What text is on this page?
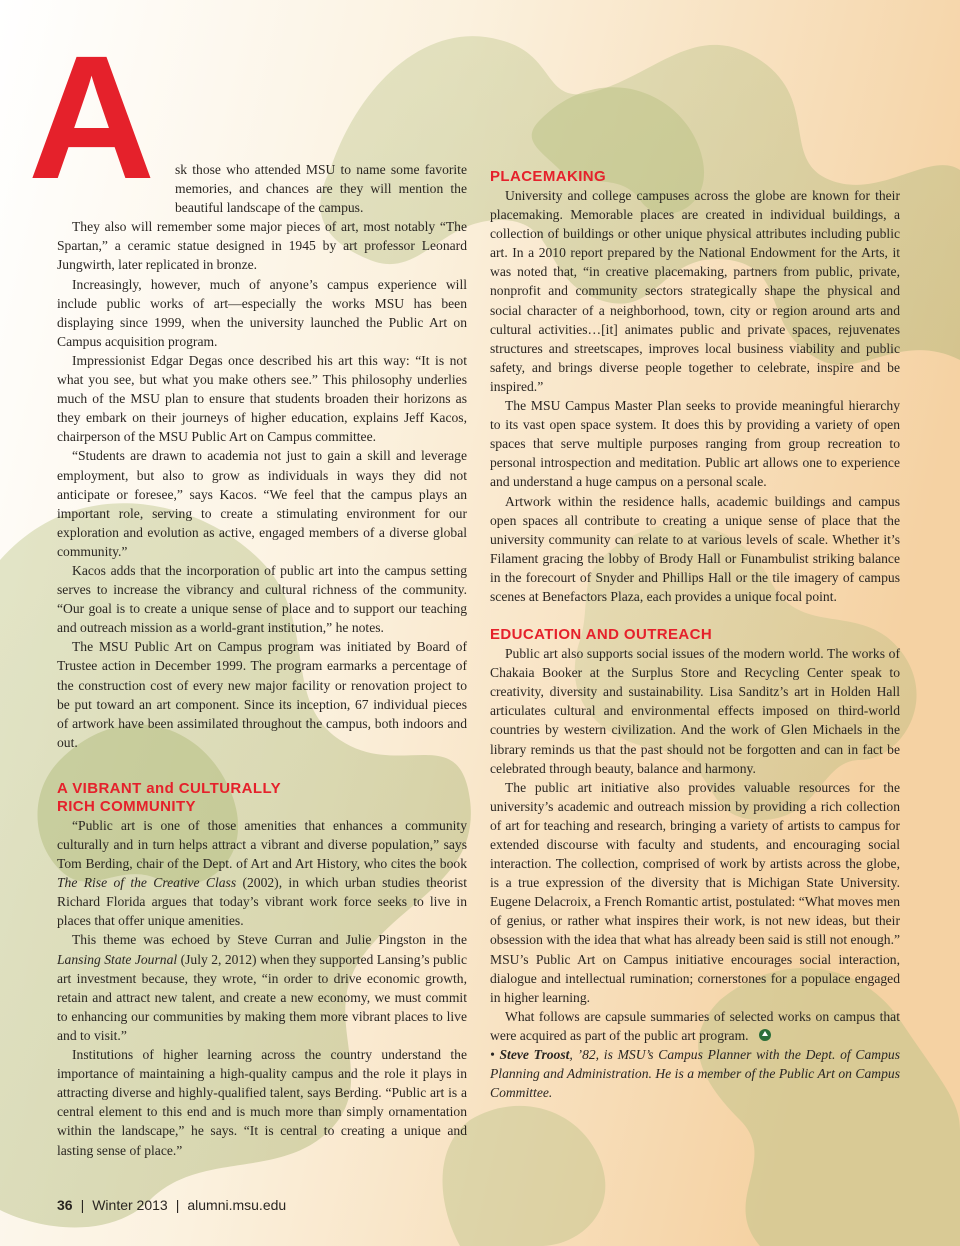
A	sk those who attended MSU to name some favorite memories, and chances are they will mention the beautiful landscape of the campus.

They also will remember some major pieces of art, most notably “The Spartan,” a ceramic statue designed in 1945 by art professor Leonard Jungwirth, later replicated in bronze.

Increasingly, however, much of anyone’s campus experience will include public works of art—especially the works MSU has been displaying since 1999, when the university launched the Public Art on Campus acquisition program.

Impressionist Edgar Degas once described his art this way: “It is not what you see, but what you make others see.” This philosophy underlies much of the MSU plan to ensure that students broaden their horizons as they embark on their journeys of higher education, explains Jeff Kacos, chairperson of the MSU Public Art on Campus committee.

“Students are drawn to academia not just to gain a skill and leverage employment, but also to grow as individuals in ways they did not anticipate or foresee,” says Kacos. “We feel that the campus plays an important role, serving to create a stimulating environment for our exploration and evolution as active, engaged members of a diverse global community.”

Kacos adds that the incorporation of public art into the campus setting serves to increase the vibrancy and cultural richness of the community. “Our goal is to create a unique sense of place and to support our teaching and outreach mission as a world-grant institution,” he notes.

The MSU Public Art on Campus program was initiated by Board of Trustee action in December 1999. The program earmarks a percentage of the construction cost of every new major facility or renovation project to be put toward an art component. Since its inception, 67 individual pieces of artwork have been assimilated throughout the campus, both indoors and out.

A VIBRANT and CULTURALLY
RICH COMMUNITY

“Public art is one of those amenities that enhances a community culturally and in turn helps attract a vibrant and diverse population,” says Tom Berding, chair of the Dept. of Art and Art History, who cites the book The Rise of the Creative Class (2002), in which urban studies theorist Richard Florida argues that today’s vibrant work force seeks to live in places that offer unique amenities.

This theme was echoed by Steve Curran and Julie Pingston in the Lansing State Journal (July 2, 2012) when they supported Lansing’s public art investment because, they wrote, “in order to drive economic growth, retain and attract new talent, and create a new economy, we must commit to enhancing our communities by making them more vibrant places to live and to visit.”

Institutions of higher learning across the country understand the importance of maintaining a high-quality campus and the role it plays in attracting diverse and highly-qualified talent, says Berding. “Public art is a central element to this end and is much more than simply ornamentation within the landscape,” he says. “It is central to creating a unique and lasting sense of place.”

PLACEMAKING

University and college campuses across the globe are known for their placemaking. Memorable places are created in individual buildings, a collection of buildings or other unique physical attributes including public art. In a 2010 report prepared by the National Endowment for the Arts, it was noted that, “in creative placemaking, partners from public, private, nonprofit and community sectors strategically shape the physical and social character of a neighborhood, town, city or region around arts and cultural activities…[it] animates public and private spaces, rejuvenates structures and streetscapes, improves local business viability and public safety, and brings diverse people together to celebrate, inspire and be inspired.”

The MSU Campus Master Plan seeks to provide meaningful hierarchy to its vast open space system. It does this by providing a variety of open spaces that serve multiple purposes ranging from group recreation to personal introspection and meditation. Public art allows one to experience and understand a huge campus on a personal scale.

Artwork within the residence halls, academic buildings and campus open spaces all contribute to creating a unique sense of place that the university community can relate to at various levels of scale. Whether it’s Filament gracing the lobby of Brody Hall or Funambulist striking balance in the forecourt of Snyder and Phillips Hall or the tile imagery of campus scenes at Benefactors Plaza, each provides a unique focal point.

EDUCATION AND OUTREACH

Public art also supports social issues of the modern world. The works of Chakaia Booker at the Surplus Store and Recycling Center speak to creativity, diversity and sustainability. Lisa Sanditz’s art in Holden Hall articulates cultural and environmental effects imposed on third-world countries by western civilization. And the work of Glen Michaels in the library reminds us that the past should not be forgotten and can in fact be celebrated through beauty, balance and harmony.

The public art initiative also provides valuable resources for the university’s academic and outreach mission by providing a rich collection of art for teaching and research, bringing a variety of artists to campus for extended discourse with faculty and students, and encouraging social interaction. The collection, comprised of work by artists across the globe, is a true expression of the diversity that is Michigan State University. Eugene Delacroix, a French Romantic artist, postulated: “What moves men of genius, or rather what inspires their work, is not new ideas, but their obsession with the idea that what has already been said is still not enough.” MSU’s Public Art on Campus initiative encourages social interaction, dialogue and intellectual rumination; cornerstones for a populace engaged in higher learning.

What follows are capsule summaries of selected works on campus that were acquired as part of the public art program.

• Steve Troost, ’82, is MSU’s Campus Planner with the Dept. of Campus Planning and Administration. He is a member of the Public Art on Campus Committee.

36 | Winter 2013 | alumni.msu.edu
